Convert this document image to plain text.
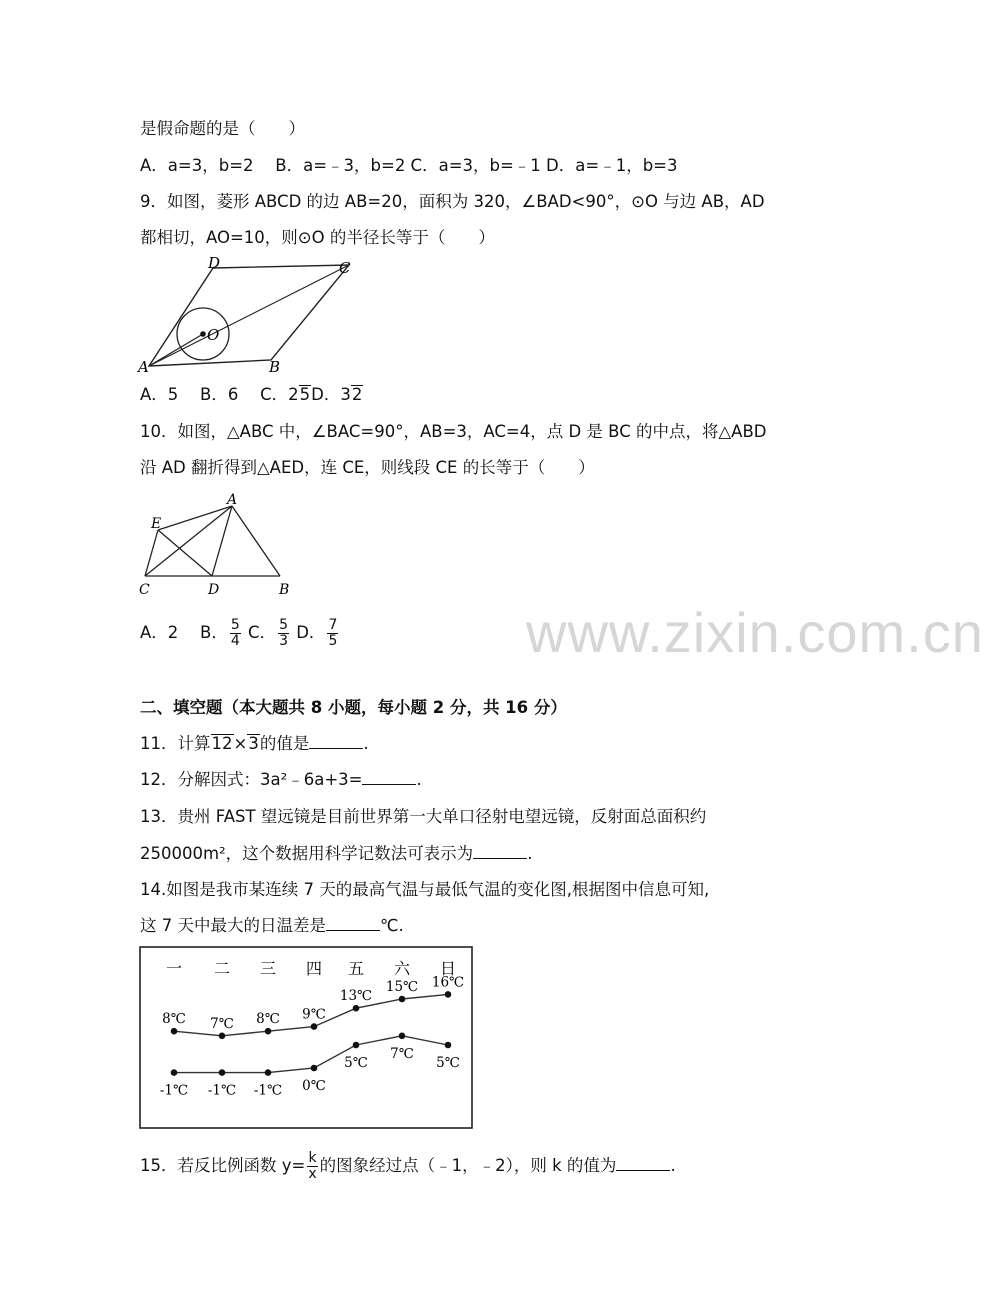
是假命题的是（　　）
A．a=3，b=2　 B．a=﹣3，b=2 C．a=3，b=﹣1 D．a=﹣1，b=3
9．如图，菱形 ABCD 的边 AB=20，面积为 320，∠BAD<90°，⊙O 与边 AB，AD
都相切，AO=10，则⊙O 的半径长等于（　　）
A	B
C
D
O
A．5　 B．6　 C．25D．32
10．如图，△ABC 中，∠BAC=90°，AB=3，AC=4，点 D 是 BC 的中点，将△ABD
沿 AD 翻折得到△AED，连 CE，则线段 CE 的长等于（　　）
A
B
C	D
E
A．2　 B． $\frac{5}{4}$ C． $\frac{5}{3}$ D． $\frac{7}{5}$
二、填空题（本大题共 8 小题，每小题 2 分，共 16 分）
11．计算12×3的值是	.
12．分解因式：3a²﹣6a+3=	.
13．贵州 FAST 望远镜是目前世界第一大单口径射电望远镜，反射面总面积约
250000m²，这个数据用科学记数法可表示为	.
14.如图是我市某连续 7 天的最高气温与最低气温的变化图,根据图中信息可知,
这 7 天中最大的日温差是	℃.
一 二 三 四 五 六 日
8℃ 7℃ 8℃ 9℃
13℃
15℃ 16℃
-1℃ -1℃ -1℃ 0℃
5℃
7℃
5℃
15．若反比例函数 $y= \frac{k}{x}$ 的图象经过点（﹣1，﹣2），则 k 的值为	.
www.zixin.com.cn
